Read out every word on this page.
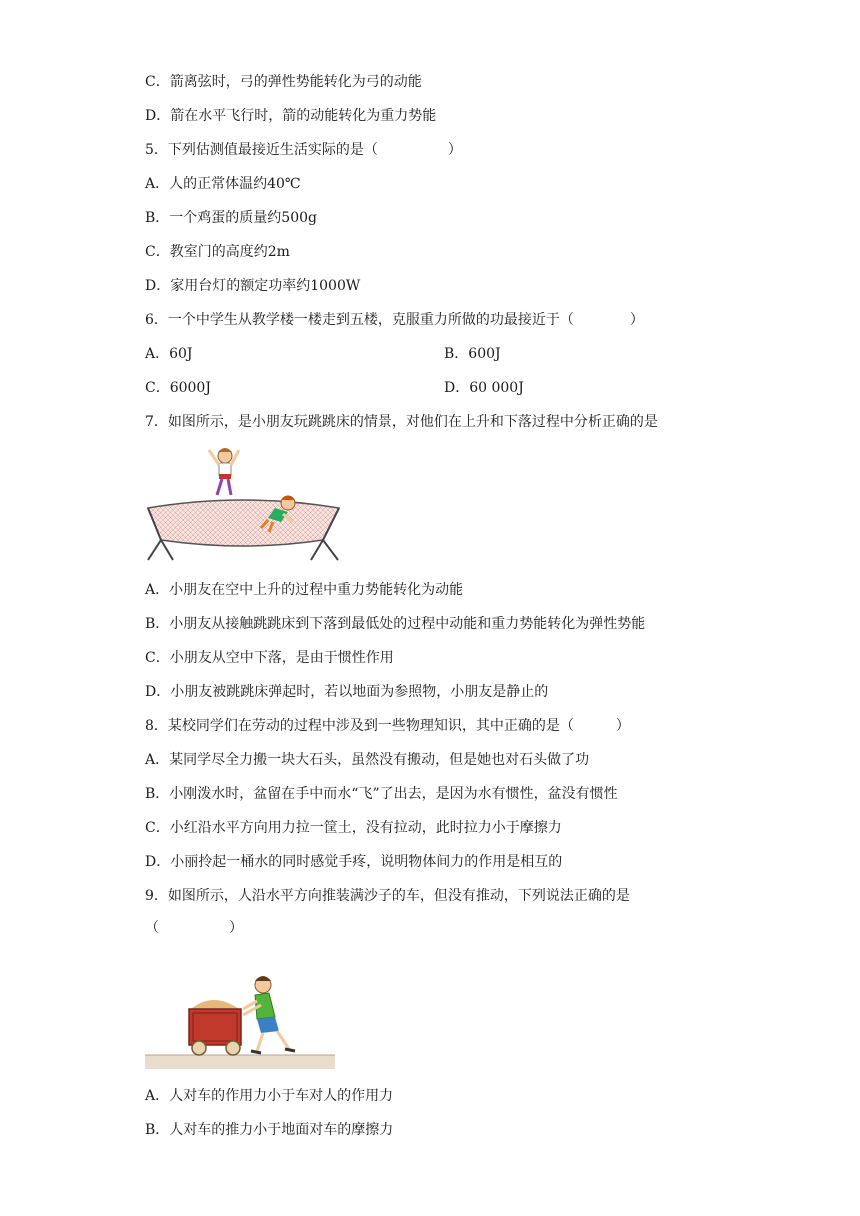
C．箭离弦时，弓的弹性势能转化为弓的动能
D．箭在水平飞行时，箭的动能转化为重力势能
5．下列估测值最接近生活实际的是（　　　　　）
A．人的正常体温约40℃
B．一个鸡蛋的质量约500g
C．教室门的高度约2m
D．家用台灯的额定功率约1000W
6．一个中学生从教学楼一楼走到五楼，克服重力所做的功最接近于（　　　　）
A．60J	B．600J
C．6000J	D．60 000J
7．如图所示，是小朋友玩跳跳床的情景，对他们在上升和下落过程中分析正确的是
A．小朋友在空中上升的过程中重力势能转化为动能
B．小朋友从接触跳跳床到下落到最低处的过程中动能和重力势能转化为弹性势能
C．小朋友从空中下落，是由于惯性作用
D．小朋友被跳跳床弹起时，若以地面为参照物，小朋友是静止的
8．某校同学们在劳动的过程中涉及到一些物理知识，其中正确的是（　　　）
A．某同学尽全力搬一块大石头，虽然没有搬动，但是她也对石头做了功
B．小刚泼水时，盆留在手中而水“飞”了出去，是因为水有惯性，盆没有惯性
C．小红沿水平方向用力拉一筐土，没有拉动，此时拉力小于摩擦力
D．小丽拎起一桶水的同时感觉手疼，说明物体间力的作用是相互的
9．如图所示，人沿水平方向推装满沙子的车，但没有推动，下列说法正确的是
（　　　　　）
A．人对车的作用力小于车对人的作用力
B．人对车的推力小于地面对车的摩擦力
